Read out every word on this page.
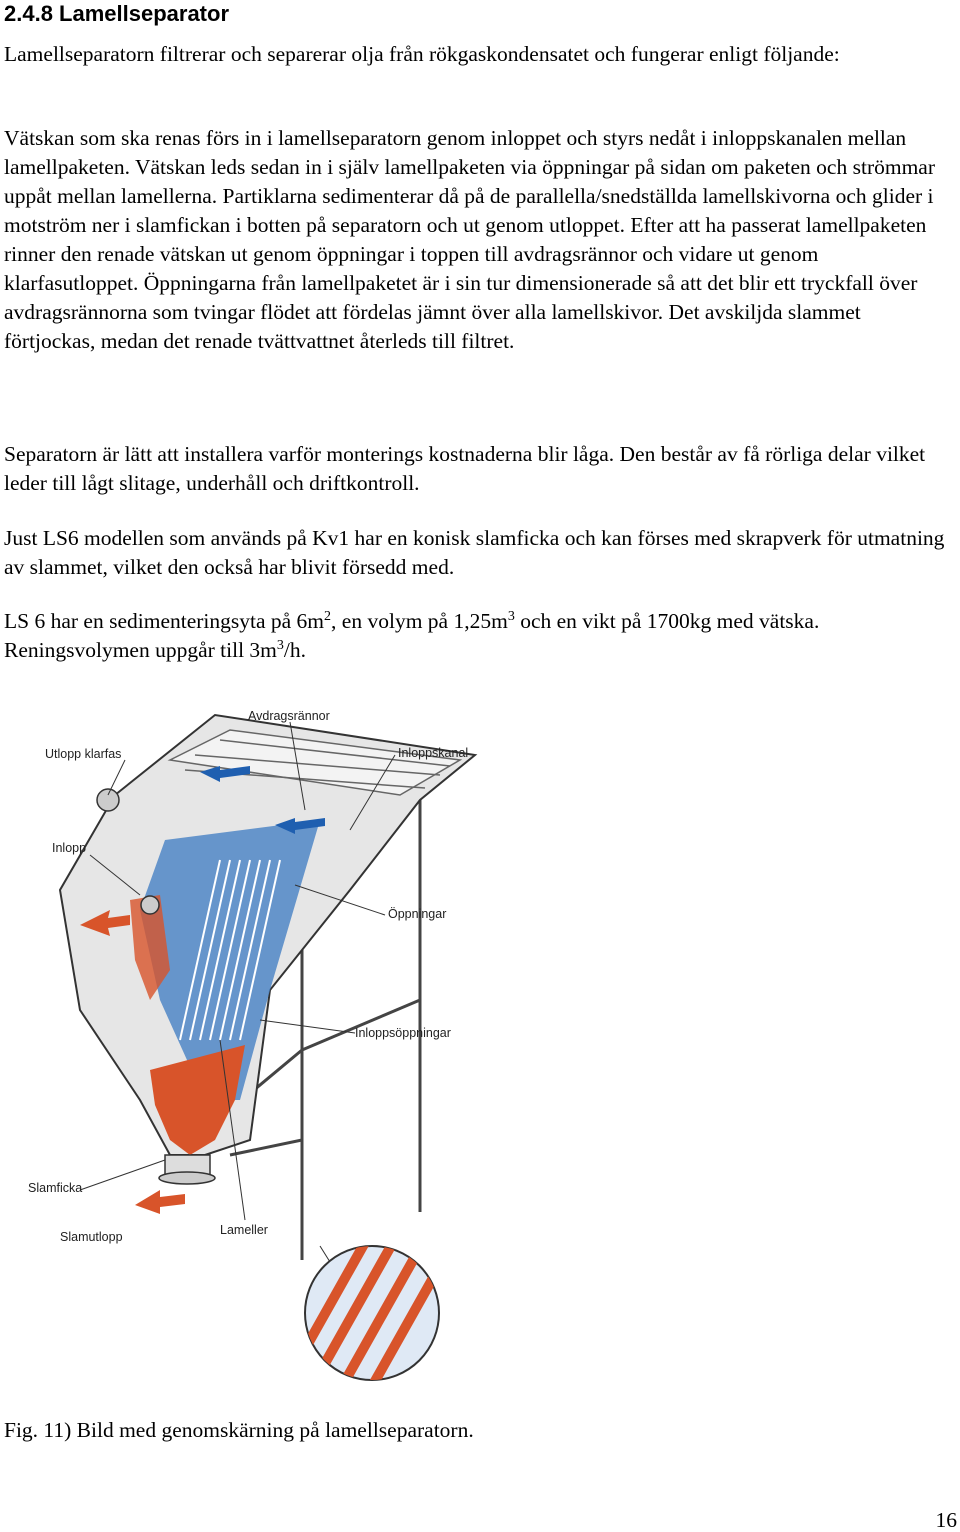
2.4.8 Lamellseparator
Lamellseparatorn filtrerar och separerar olja från rökgaskondensatet och fungerar enligt följande:
Vätskan som ska renas förs in i lamellseparatorn genom inloppet och styrs nedåt i inloppskanalen mellan lamellpaketen. Vätskan leds sedan in i själv lamellpaketen via öppningar på sidan om paketen och strömmar uppåt mellan lamellerna. Partiklarna sedimenterar då på de parallella/snedställda lamellskivorna och glider i motström ner i slamfickan i botten på separatorn och ut genom utloppet. Efter att ha passerat lamellpaketen rinner den renade vätskan ut genom öppningar i toppen till avdragsrännor och vidare ut genom klarfasutloppet. Öppningarna från lamellpaketet är i sin tur dimensionerade så att det blir ett tryckfall över avdragsrännorna som tvingar flödet att fördelas jämnt över alla lamellskivor. Det avskiljda slammet förtjockas, medan det renade tvättvattnet återleds till filtret.
Separatorn är lätt att installera varför monterings kostnaderna blir låga. Den består av få rörliga delar vilket leder till lågt slitage, underhåll och driftkontroll.
Just LS6 modellen som används på Kv1 har en konisk slamficka och kan förses med skrapverk för utmatning av slammet, vilket den också har blivit försedd med.
LS 6 har en sedimenteringsyta på $6m^2$, en volym på $1,25m^3$ och en vikt på 1700kg med vätska. Reningsvolymen uppgår till $3m^3/h$.
Avdragsrännor
Utlopp klarfas	Inloppskanal
Inlopp
Öppningar
Inloppsöppningar
Slamficka
Lameller
Slamutlopp
Fig. 11) Bild med genomskärning på lamellseparatorn.
16
